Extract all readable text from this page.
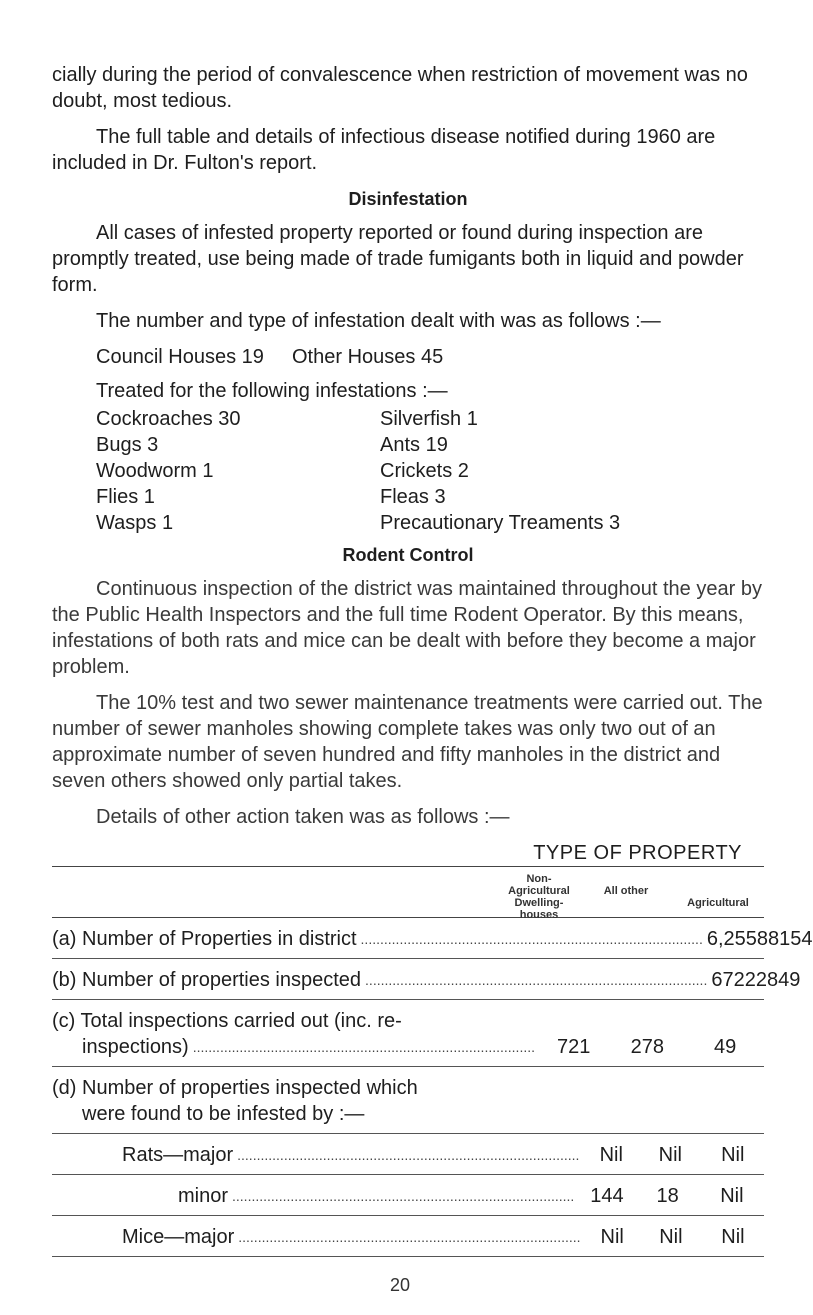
cially during the period of convalescence when restriction of movement was no doubt, most tedious.

The full table and details of infectious disease notified during 1960 are included in Dr. Fulton's report.

Disinfestation

All cases of infested property reported or found during inspection are promptly treated, use being made of trade fumigants both in liquid and powder form.

The number and type of infestation dealt with was as follows :—

Council Houses 19	Other Houses 45
Treated for the following infestations :—
Cockroaches 30	Silverfish 1
Bugs 3	Ants 19
Woodworm 1	Crickets 2
Flies 1	Fleas 3
Wasps 1	Precautionary Treaments 3
Rodent Control

Continuous inspection of the district was maintained throughout the year by the Public Health Inspectors and the full time Rodent Operator. By this means, infestations of both rats and mice can be dealt with before they become a major problem.

The 10% test and two sewer maintenance treatments were carried out. The number of sewer manholes showing complete takes was only two out of an approximate number of seven hundred and fifty manholes in the district and seven others showed only partial takes.

Details of other action taken was as follows :—

TYPE OF PROPERTY
Non-Agricultural Dwelling-houses
All other
Agricultural
(a) Number of Properties in district ........................................................................................ 6,255 881 54
(b) Number of properties inspected ........................................................................................ 672 228 49
(c) Total inspections carried out (inc. re-
inspections) ........................................................................................	721	278	49
(d) Number of properties inspected which
were found to be infested by :—
Rats—major ........................................................................................	Nil	Nil	Nil
minor ........................................................................................ 144	18	Nil
Mice—major ........................................................................................ Nil	Nil	Nil
20
